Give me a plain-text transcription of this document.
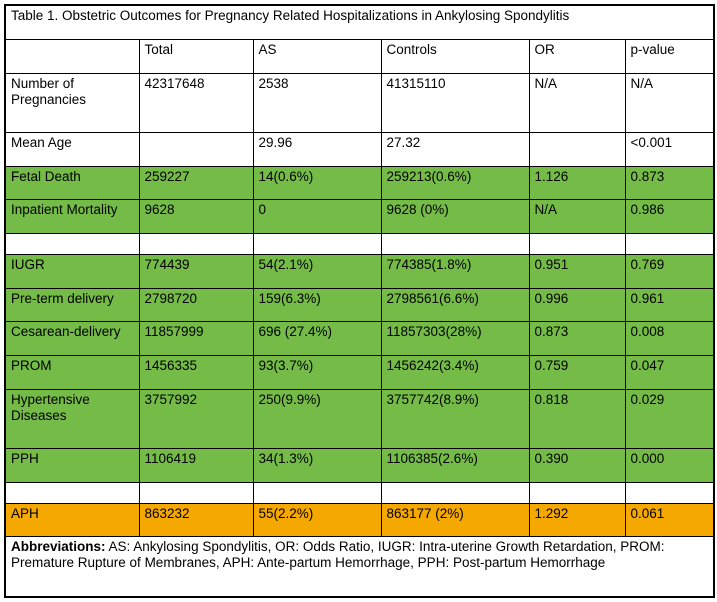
Table 1. Obstetric Outcomes for Pregnancy Related Hospitalizations in Ankylosing Spondylitis					
	Total	AS	Controls	OR	p-value
Number of Pregnancies	42317648	2538	41315110	N/A	N/A
Mean Age		29.96	27.32		<0.001
Fetal Death	259227	14(0.6%)	259213(0.6%)	1.126	0.873
Inpatient Mortality	9628	0	9628 (0%)	N/A	0.986

IUGR	774439	54(2.1%)	774385(1.8%)	0.951	0.769
Pre-term delivery	2798720	159(6.3%)	2798561(6.6%)	0.996	0.961
Cesarean-delivery	11857999	696 (27.4%)	11857303(28%)	0.873	0.008
PROM	1456335	93(3.7%)	1456242(3.4%)	0.759	0.047
Hypertensive Diseases	3757992	250(9.9%)	3757742(8.9%)	0.818	0.029
PPH	1106419	34(1.3%)	1106385(2.6%)	0.390	0.000

APH	863232	55(2.2%)	863177 (2%)	1.292	0.061
Abbreviations: AS: Ankylosing Spondylitis, OR: Odds Ratio, IUGR: Intra-uterine Growth Retardation, PROM: Premature Rupture of Membranes, APH: Ante-partum Hemorrhage, PPH: Post-partum Hemorrhage					
